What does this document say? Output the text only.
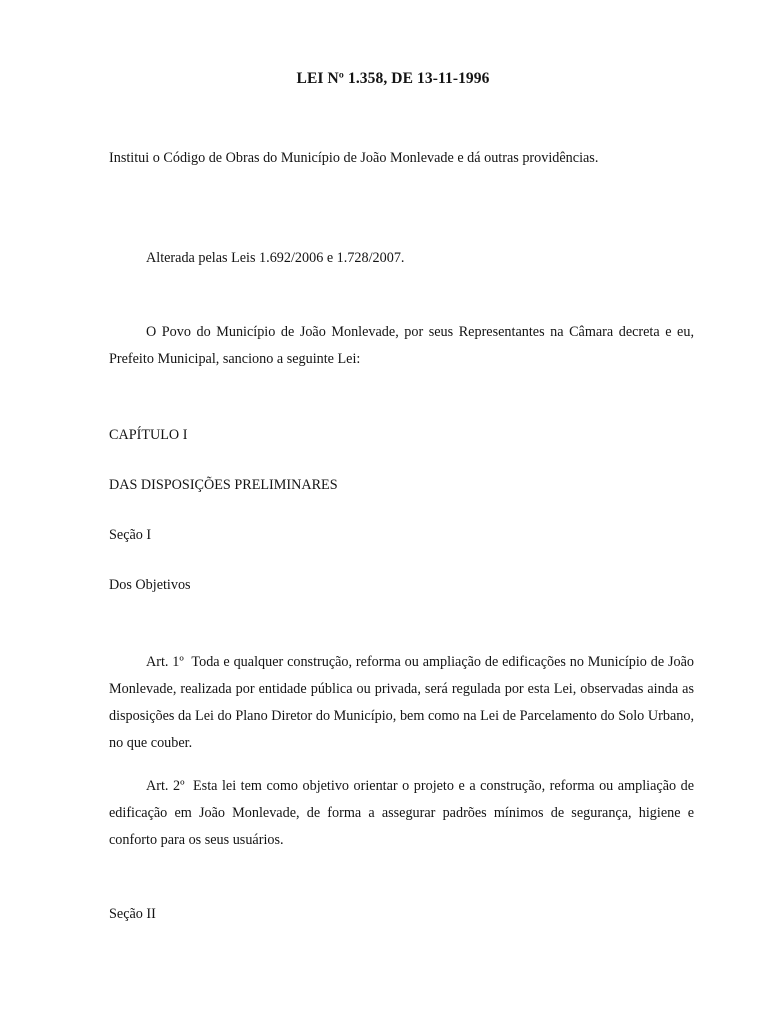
LEI Nº 1.358, DE 13-11-1996
Institui o Código de Obras do Município de João Monlevade e dá outras providências.
Alterada pelas Leis 1.692/2006 e 1.728/2007.
O Povo do Município de João Monlevade, por seus Representantes na Câmara decreta e eu, Prefeito Municipal, sanciono a seguinte Lei:
CAPÍTULO I
DAS DISPOSIÇÕES PRELIMINARES
Seção I
Dos Objetivos
Art. 1º Toda e qualquer construção, reforma ou ampliação de edificações no Município de João Monlevade, realizada por entidade pública ou privada, será regulada por esta Lei, observadas ainda as disposições da Lei do Plano Diretor do Município, bem como na Lei de Parcelamento do Solo Urbano, no que couber.
Art. 2º Esta lei tem como objetivo orientar o projeto e a construção, reforma ou ampliação de edificação em João Monlevade, de forma a assegurar padrões mínimos de segurança, higiene e conforto para os seus usuários.
Seção II
